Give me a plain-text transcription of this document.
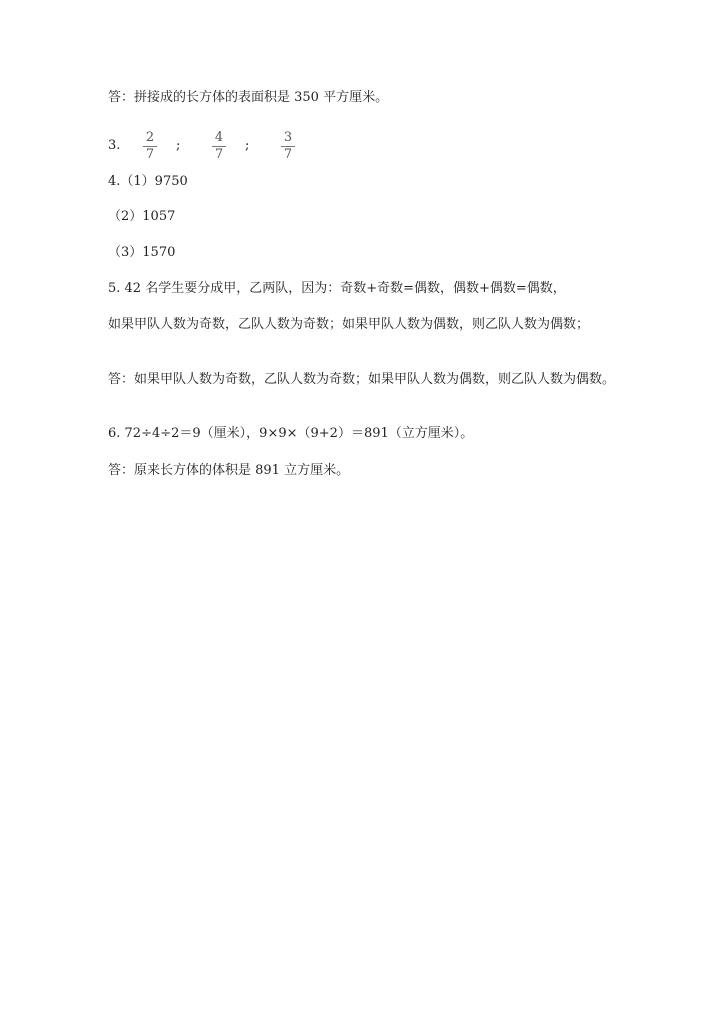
答：拼接成的长方体的表面积是 350 平方厘米。
3.
2
7
;
4
7
;
3
7
4.（1）9750
（2）1057
（3）1570
5. 42 名学生要分成甲，乙两队，因为：奇数+奇数=偶数，偶数+偶数=偶数，
如果甲队人数为奇数，乙队人数为奇数；如果甲队人数为偶数，则乙队人数为偶数；
答：如果甲队人数为奇数，乙队人数为奇数；如果甲队人数为偶数，则乙队人数为偶数。
6. 72÷4÷2＝9（厘米），9×9×（9+2）＝891（立方厘米）。
答：原来长方体的体积是 891 立方厘米。
